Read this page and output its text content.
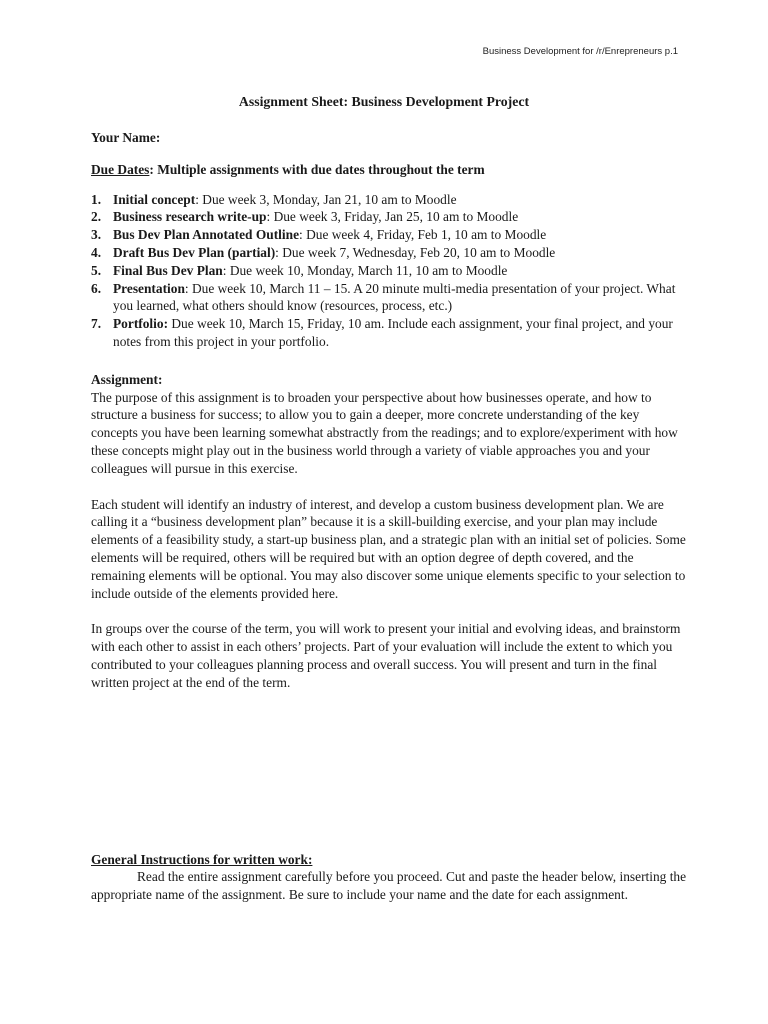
Business Development for /r/Enrepreneurs p.1
Assignment Sheet: Business Development Project

Your Name:

Due Dates: Multiple assignments with due dates throughout the term

1. Initial concept: Due week 3, Monday, Jan 21, 10 am to Moodle
2. Business research write-up: Due week 3, Friday, Jan 25, 10 am to Moodle
3. Bus Dev Plan Annotated Outline: Due week 4, Friday, Feb 1, 10 am to Moodle
4. Draft Bus Dev Plan (partial): Due week 7, Wednesday, Feb 20, 10 am to Moodle
5. Final Bus Dev Plan: Due week 10, Monday, March 11, 10 am to Moodle
6. Presentation: Due week 10, March 11 – 15. A 20 minute multi-media presentation of your project. What you learned, what others should know (resources, process, etc.)
7. Portfolio: Due week 10, March 15, Friday, 10 am. Include each assignment, your final project, and your notes from this project in your portfolio.

Assignment:

The purpose of this assignment is to broaden your perspective about how businesses operate, and how to structure a business for success; to allow you to gain a deeper, more concrete understanding of the key concepts you have been learning somewhat abstractly from the readings; and to explore/experiment with how these concepts might play out in the business world through a variety of viable approaches you and your colleagues will pursue in this exercise.

Each student will identify an industry of interest, and develop a custom business development plan. We are calling it a “business development plan” because it is a skill-building exercise, and your plan may include elements of a feasibility study, a start-up business plan, and a strategic plan with an initial set of policies. Some elements will be required, others will be required but with an option degree of depth covered, and the remaining elements will be optional. You may also discover some unique elements specific to your selection to include outside of the elements provided here.

In groups over the course of the term, you will work to present your initial and evolving ideas, and brainstorm with each other to assist in each others’ projects. Part of your evaluation will include the extent to which you contributed to your colleagues planning process and overall success. You will present and turn in the final written project at the end of the term.

General Instructions for written work:

Read the entire assignment carefully before you proceed. Cut and paste the header below, inserting the appropriate name of the assignment. Be sure to include your name and the date for each assignment.
